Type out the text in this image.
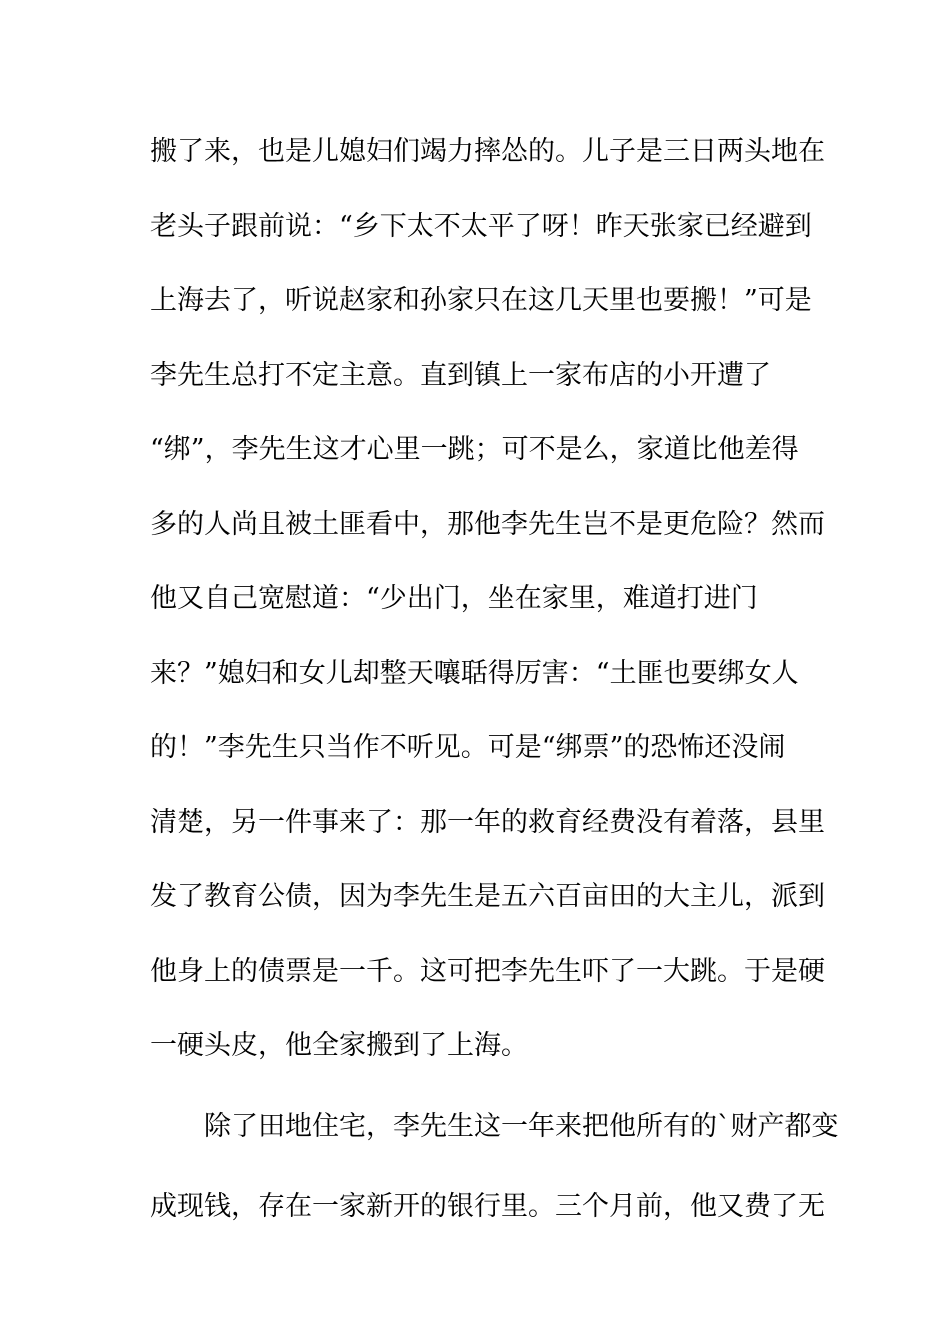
搬了来，也是儿媳妇们竭力摔怂的。儿子是三日两头地在
老头子跟前说：“乡下太不太平了呀！昨天张家已经避到
上海去了，听说赵家和孙家只在这几天里也要搬！”可是
李先生总打不定主意。直到镇上一家布店的小开遭了
“绑”，李先生这才心里一跳；可不是么，家道比他差得
多的人尚且被土匪看中，那他李先生岂不是更危险？然而
他又自己宽慰道：“少出门，坐在家里，难道打进门
来？”媳妇和女儿却整天嚷聒得厉害：“土匪也要绑女人
的！”李先生只当作不听见。可是“绑票”的恐怖还没闹
清楚，另一件事来了：那一年的救育经费没有着落，县里
发了教育公债，因为李先生是五六百亩田的大主儿，派到
他身上的债票是一千。这可把李先生吓了一大跳。于是硬
一硬头皮，他全家搬到了上海。
除了田地住宅，李先生这一年来把他所有的`财产都变
成现钱，存在一家新开的银行里。三个月前，他又费了无
